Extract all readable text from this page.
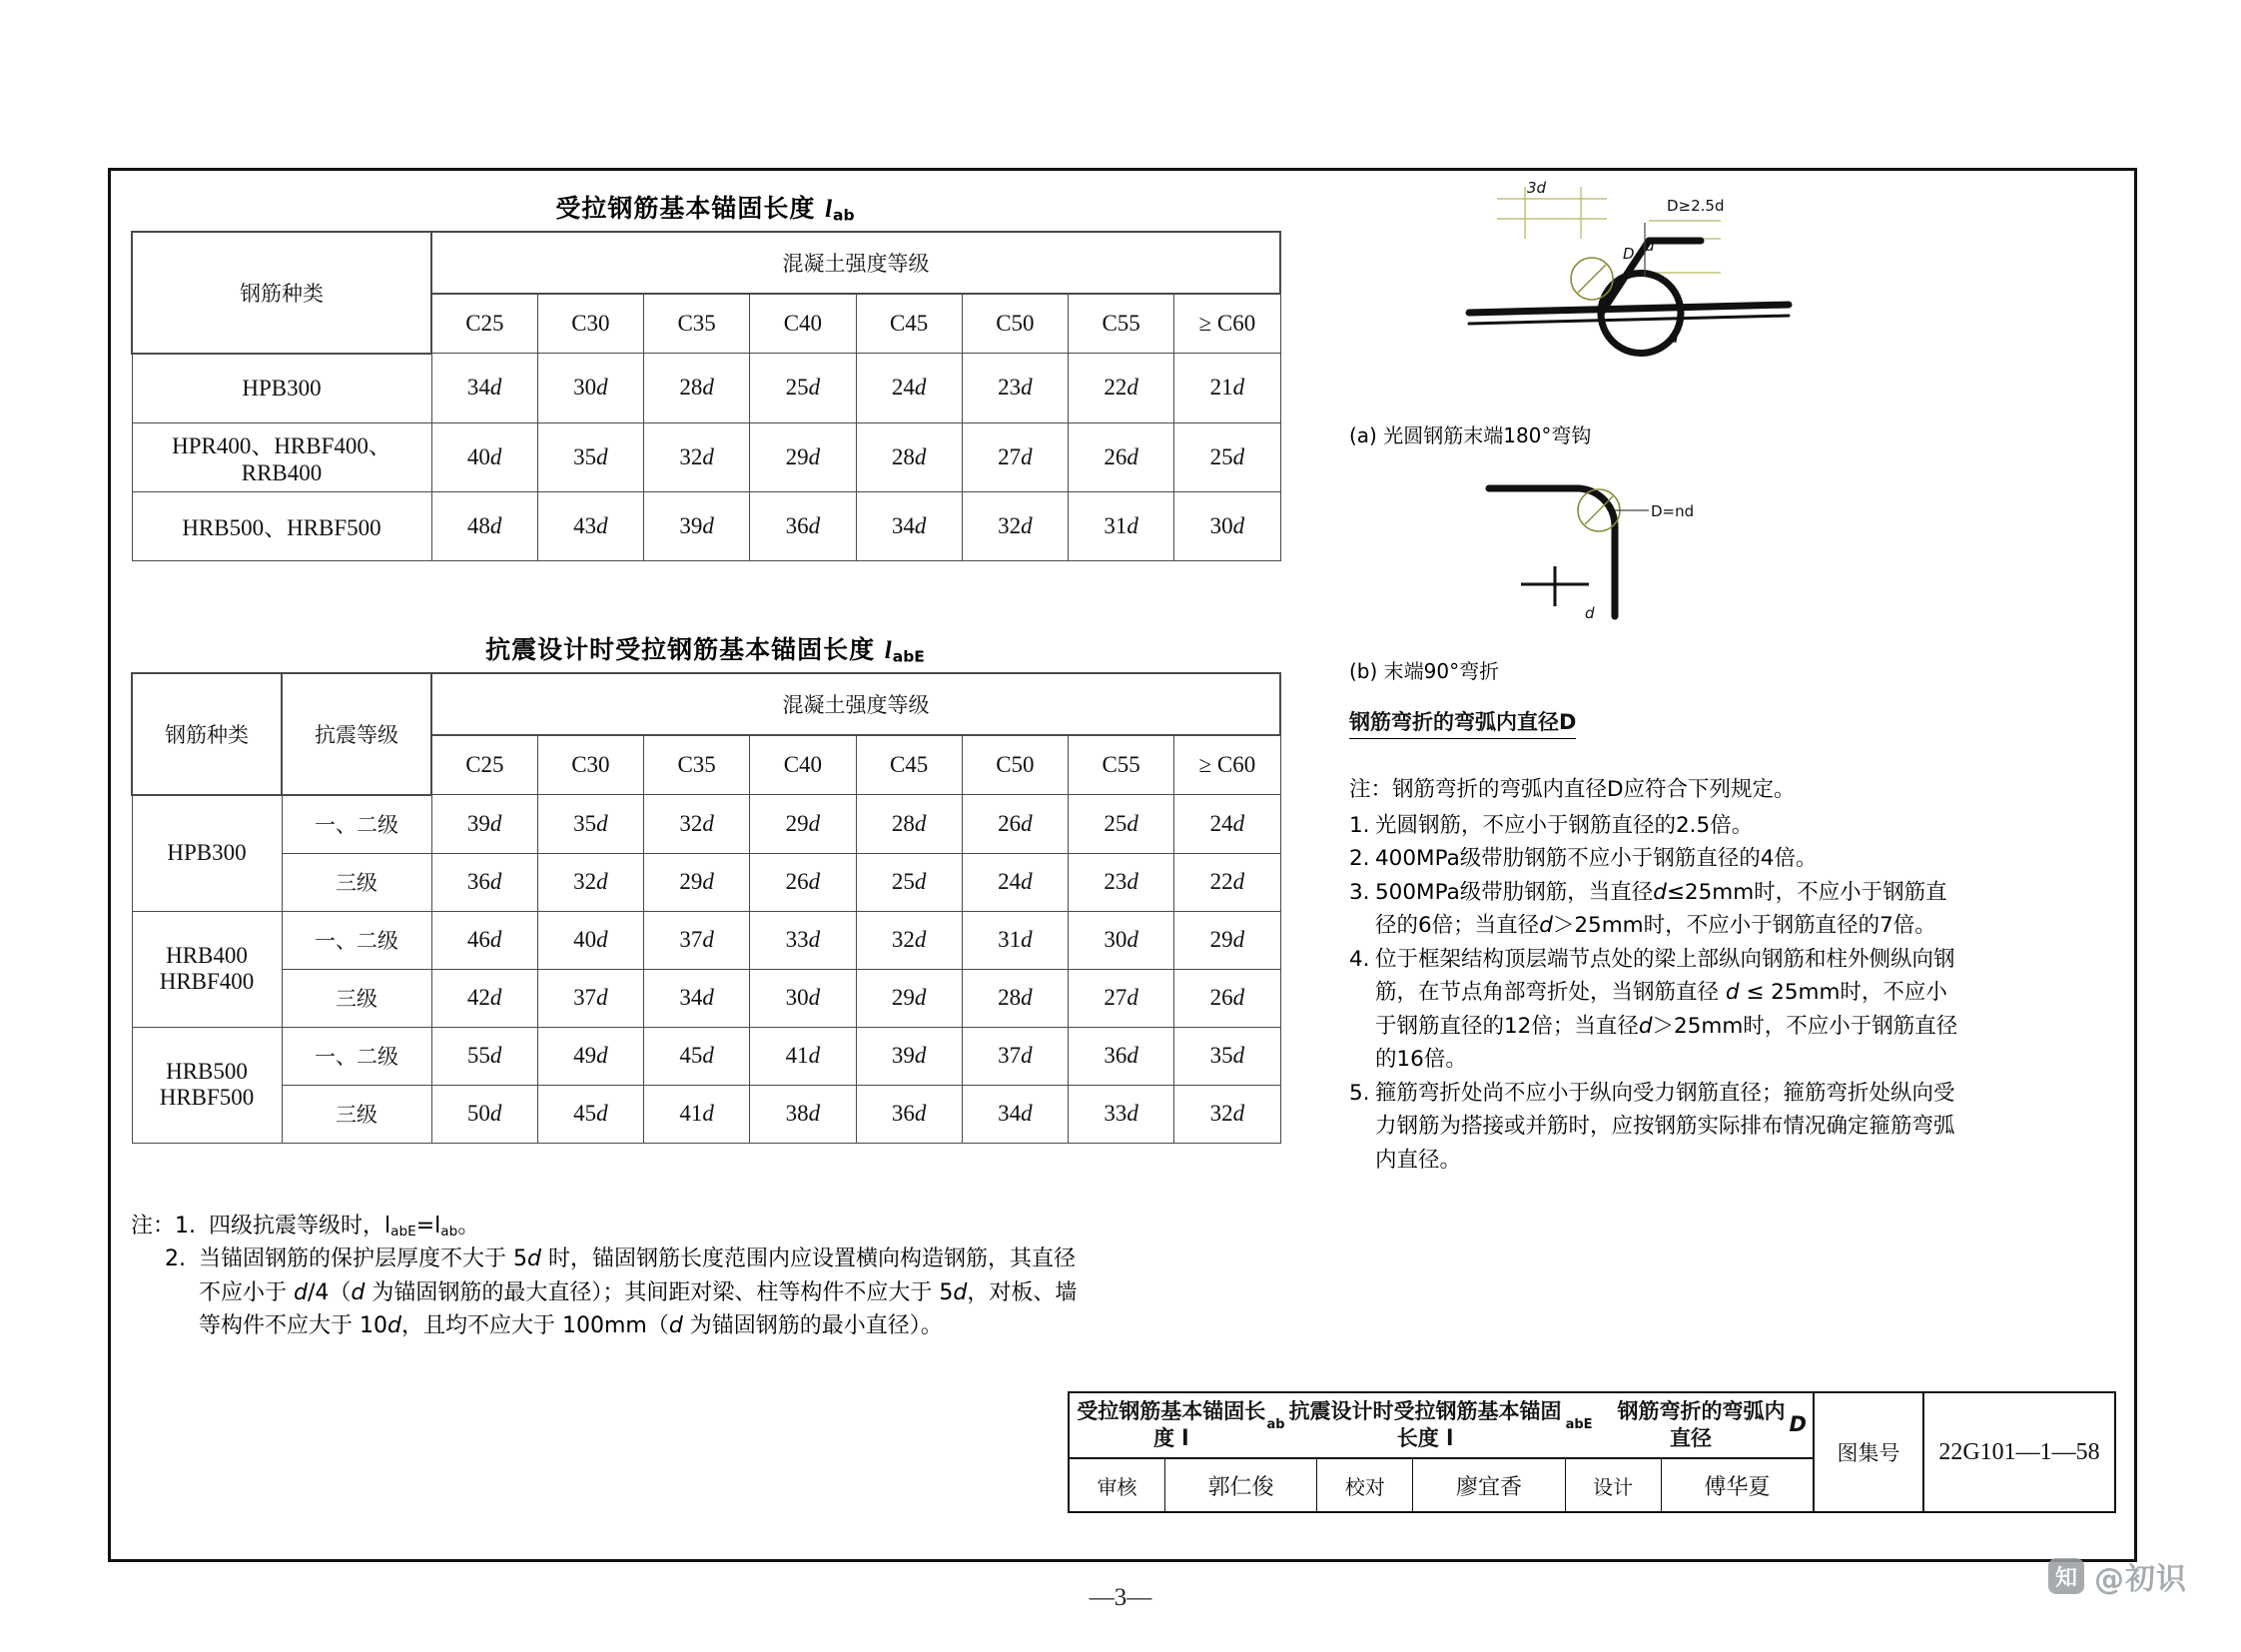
受拉钢筋基本锚固长度 $l_{ab}$
钢筋种类	混凝土强度等级							
	C25	C30	C35	C40	C45	C50	C55	≥ C60
HPB300	34d	30d	28d	25d	24d	23d	22d	21d
HPR400、HRBF400、
RRB400	40d	35d	32d	29d	28d	27d	26d	25d
HRB500、HRBF500	48d	43d	39d	36d	34d	32d	31d	30d
抗震设计时受拉钢筋基本锚固长度 $l_{abE}$
钢筋种类	抗震等级	混凝土强度等级							
		C25	C30	C35	C40	C45	C50	C55	≥ C60
HPB300	一、二级	39d	35d	32d	29d	28d	26d	25d	24d
	三级	36d	32d	29d	26d	25d	24d	23d	22d
HRB400
HRBF400	一、二级	46d	40d	37d	33d	32d	31d	30d	29d
	三级	42d	37d	34d	30d	29d	28d	27d	26d
HRB500
HRBF500	一、二级	55d	49d	45d	41d	39d	37d	36d	35d
	三级	50d	45d	41d	38d	36d	34d	33d	32d
注： 1. 四级抗震等级时，$l_{abE}=l_{ab}$。
2. 当锚固钢筋的保护层厚度不大于 5d 时，锚固钢筋长度范围内应设置横向构造钢筋，其直径不应小于 d/4（d 为锚固钢筋的最大直径）；其间距对梁、柱等构件不应大于 5d，对板、墙等构件不应大于 10d，且均不应大于 100mm（d 为锚固钢筋的最小直径）。
3d
D≥2.5d
D d
d
(a) 光圆钢筋末端180°弯钩
D=nd
d
(b) 末端90°弯折
钢筋弯折的弯弧内直径D
注：钢筋弯折的弯弧内直径D应符合下列规定。
1. 光圆钢筋，不应小于钢筋直径的2.5倍。
2. 400MPa级带肋钢筋不应小于钢筋直径的4倍。
3. 500MPa级带肋钢筋，当直径d≤25mm时，不应小于钢筋直径的6倍；当直径d＞25mm时，不应小于钢筋直径的7倍。
4. 位于框架结构顶层端节点处的梁上部纵向钢筋和柱外侧纵向钢筋，在节点角部弯折处，当钢筋直径 d ≤ 25mm时，不应小于钢筋直径的12倍；当直径d＞25mm时，不应小于钢筋直径的16倍。
5. 箍筋弯折处尚不应小于纵向受力钢筋直径；箍筋弯折处纵向受力钢筋为搭接或并筋时，应按钢筋实际排布情况确定箍筋弯弧内直径。
受拉钢筋基本锚固长度 l
ab
抗震设计时受拉钢筋基本锚固长度 l
abE
　钢筋弯折的弯弧内直径
D
审核	郭仁俊	校对	廖宜香	设计	傅华夏
图集号	22G101—1—58
—3—
知 @初识
